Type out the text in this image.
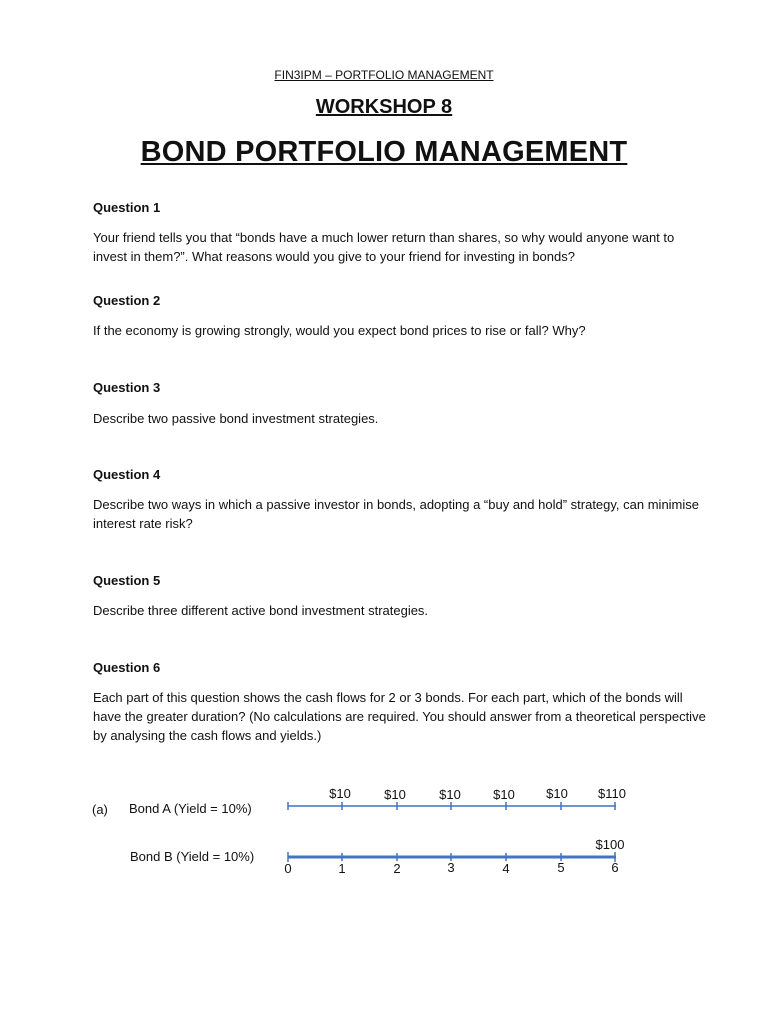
FIN3IPM – PORTFOLIO MANAGEMENT
WORKSHOP 8
BOND PORTFOLIO MANAGEMENT
Question 1
Your friend tells you that “bonds have a much lower return than shares, so why would anyone want to invest in them?”. What reasons would you give to your friend for investing in bonds?
Question 2
If the economy is growing strongly, would you expect bond prices to rise or fall? Why?
Question 3
Describe two passive bond investment strategies.
Question 4
Describe two ways in which a passive investor in bonds, adopting a “buy and hold” strategy, can minimise interest rate risk?
Question 5
Describe three different active bond investment strategies.
Question 6
Each part of this question shows the cash flows for 2 or 3 bonds. For each part, which of the bonds will have the greater duration? (No calculations are required. You should answer from a theoretical perspective by analysing the cash flows and yields.)
(a) Bond A (Yield = 10%)
Bond B (Yield = 10%)
$10	$10	$10	$10	$10	$110
$100
0	1	2	3	4	5	6
